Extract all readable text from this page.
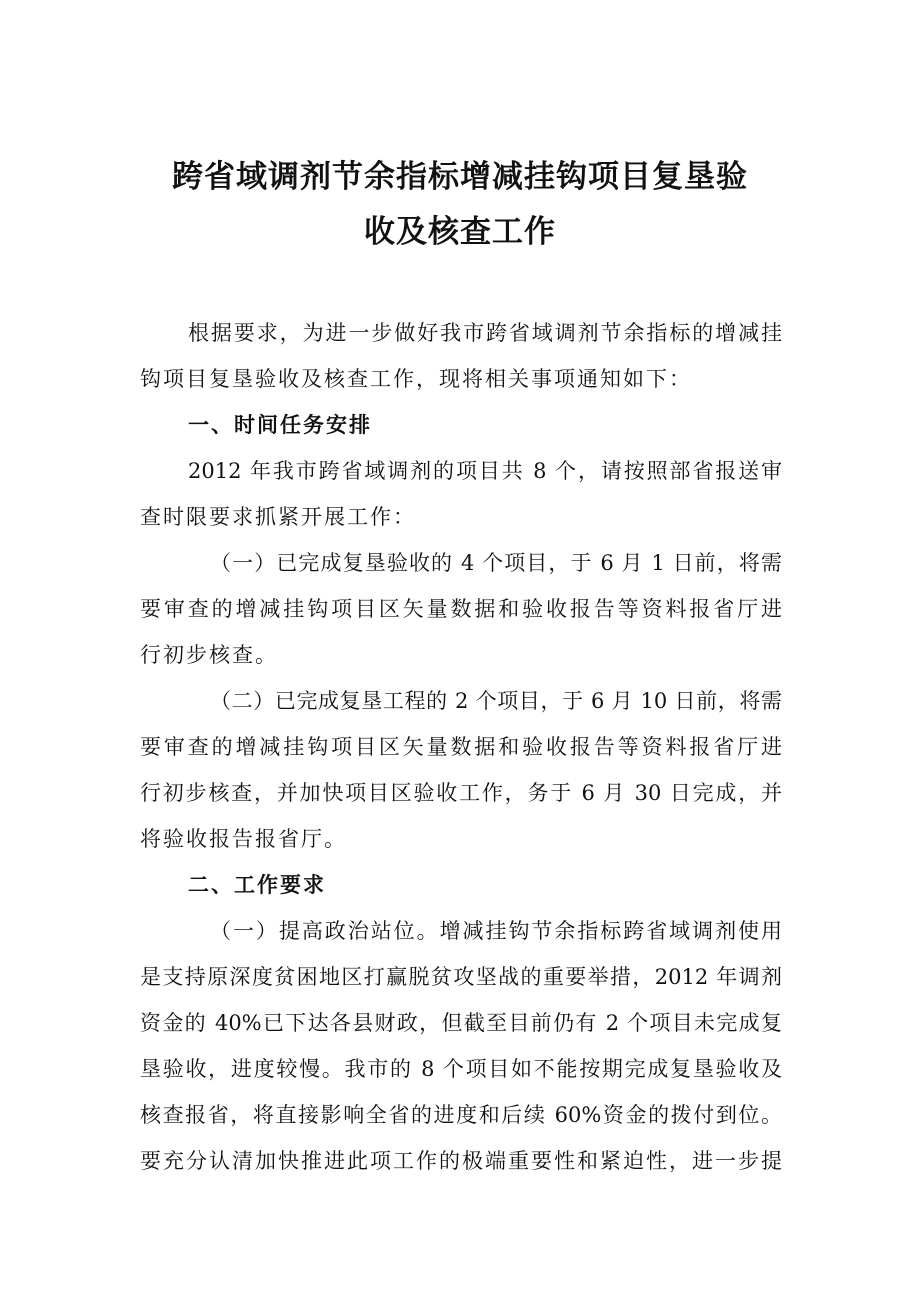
跨省域调剂节余指标增减挂钩项目复垦验
收及核查工作
根据要求，为进一步做好我市跨省域调剂节余指标的增减挂
钩项目复垦验收及核查工作，现将相关事项通知如下：
一、时间任务安排
2012 年我市跨省域调剂的项目共 8 个，请按照部省报送审
查时限要求抓紧开展工作：
（一）已完成复垦验收的 4 个项目，于 6 月 1 日前，将需
要审查的增减挂钩项目区矢量数据和验收报告等资料报省厅进
行初步核查。
（二）已完成复垦工程的 2 个项目，于 6 月 10 日前，将需
要审查的增减挂钩项目区矢量数据和验收报告等资料报省厅进
行初步核查，并加快项目区验收工作，务于 6 月 30 日完成，并
将验收报告报省厅。
二、工作要求
（一）提高政治站位。增减挂钩节余指标跨省域调剂使用
是支持原深度贫困地区打赢脱贫攻坚战的重要举措，2012 年调剂
资金的 40%已下达各县财政，但截至目前仍有 2 个项目未完成复
垦验收，进度较慢。我市的 8 个项目如不能按期完成复垦验收及
核查报省，将直接影响全省的进度和后续 60%资金的拨付到位。
要充分认清加快推进此项工作的极端重要性和紧迫性，进一步提
